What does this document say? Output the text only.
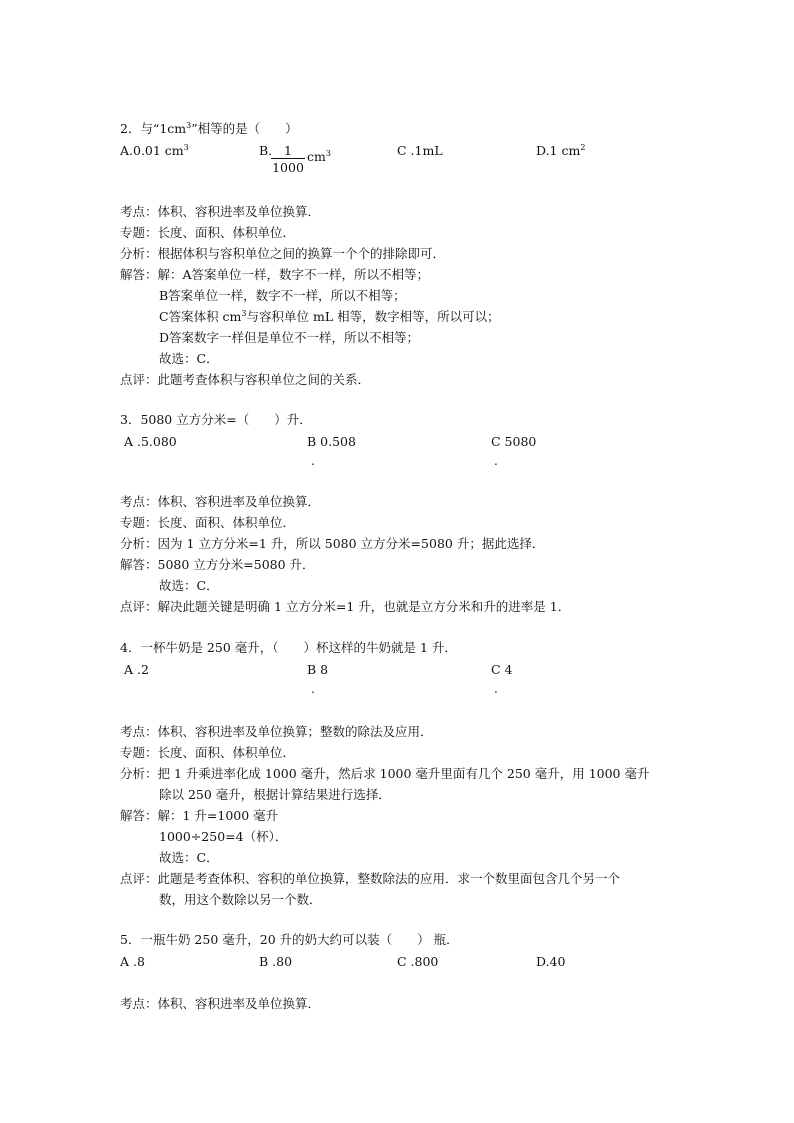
2．与“$1cm^3$”相等的是（　　）
A.0.01 $cm^3$	B．
$\frac{1}{1000}$
$cm^3$	C .1mL	D.1 $cm^2$
考点：体积、容积进率及单位换算．
专题：长度、面积、体积单位．
分析：根据体积与容积单位之间的换算一个个的排除即可．
解答：解：A答案单位一样，数字不一样，所以不相等；
B答案单位一样，数字不一样，所以不相等；
C答案体积 $cm^3$与容积单位 mL 相等，数字相等，所以可以；
D答案数字一样但是单位不一样，所以不相等；
故选：C．
点评：此题考查体积与容积单位之间的关系．
3．5080 立方分米=（　　）升．
A .5.080	B 0.508
.
C 5080
.
考点：体积、容积进率及单位换算．
专题：长度、面积、体积单位．
分析：因为 1 立方分米=1 升，所以 5080 立方分米=5080 升；据此选择．
解答：5080 立方分米=5080 升．
故选：C．
点评：解决此题关键是明确 1 立方分米=1 升，也就是立方分米和升的进率是 1．
4．一杯牛奶是 250 毫升，（　　）杯这样的牛奶就是 1 升．
A .2	B 8
.
C 4
.
考点：体积、容积进率及单位换算；整数的除法及应用．
专题：长度、面积、体积单位．
分析：把 1 升乘进率化成 1000 毫升，然后求 1000 毫升里面有几个 250 毫升，用 1000 毫升
除以 250 毫升，根据计算结果进行选择．
解答：解：1 升=1000 毫升
1000÷250=4（杯）．
故选：C．
点评：此题是考查体积、容积的单位换算，整数除法的应用．求一个数里面包含几个另一个
数，用这个数除以另一个数．
5．一瓶牛奶 250 毫升，20 升的奶大约可以装（　　） 瓶．
A .8	B .80	C .800	D.40
考点：体积、容积进率及单位换算．
